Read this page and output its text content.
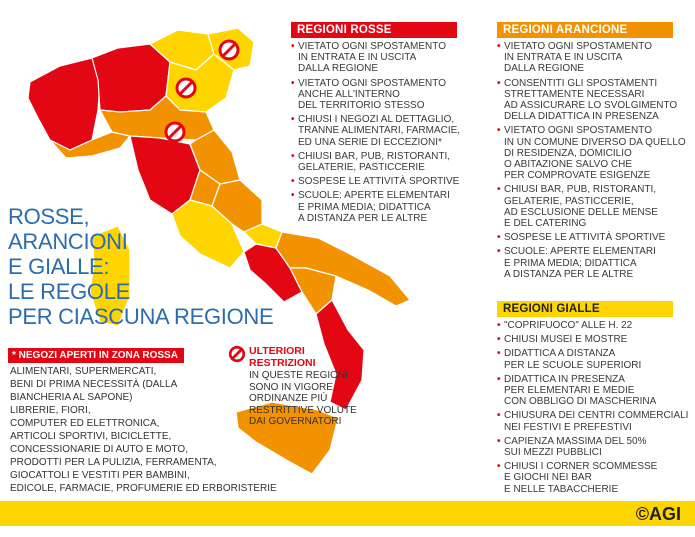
ROSSE,
ARANCIONI
E GIALLE:
LE REGOLE
PER CIASCUNA REGIONE
REGIONI ROSSE
• VIETATO OGNI SPOSTAMENTO
IN ENTRATA E IN USCITA
DALLA REGIONE
• VIETATO OGNI SPOSTAMENTO
ANCHE ALL'INTERNO
DEL TERRITORIO STESSO
• CHIUSI I NEGOZI AL DETTAGLIO,
TRANNE ALIMENTARI, FARMACIE,
ED UNA SERIE DI ECCEZIONI*
• CHIUSI BAR, PUB, RISTORANTI,
GELATERIE, PASTICCERIE
• SOSPESE LE ATTIVITÀ SPORTIVE
• SCUOLE: APERTE ELEMENTARI
E PRIMA MEDIA; DIDATTICA
A DISTANZA PER LE ALTRE
REGIONI ARANCIONE
• VIETATO OGNI SPOSTAMENTO
IN ENTRATA E IN USCITA
DALLA REGIONE
• CONSENTITI GLI SPOSTAMENTI
STRETTAMENTE NECESSARI
AD ASSICURARE LO SVOLGIMENTO
DELLA DIDATTICA IN PRESENZA
• VIETATO OGNI SPOSTAMENTO
IN UN COMUNE DIVERSO DA QUELLO
DI RESIDENZA, DOMICILIO
O ABITAZIONE SALVO CHE
PER COMPROVATE ESIGENZE
• CHIUSI BAR, PUB, RISTORANTI,
GELATERIE, PASTICCERIE,
AD ESCLUSIONE DELLE MENSE
E DEL CATERING
• SOSPESE LE ATTIVITÀ SPORTIVE
• SCUOLE: APERTE ELEMENTARI
E PRIMA MEDIA; DIDATTICA
A DISTANZA PER LE ALTRE
REGIONI GIALLE
• "COPRIFUOCO" ALLE H. 22
• CHIUSI MUSEI E MOSTRE
• DIDATTICA A DISTANZA
PER LE SCUOLE SUPERIORI
• DIDATTICA IN PRESENZA
PER ELEMENTARI E MEDIE
CON OBBLIGO DI MASCHERINA
• CHIUSURA DEI CENTRI COMMERCIALI
NEI FESTIVI E PREFESTIVI
• CAPIENZA MASSIMA DEL 50%
SUI MEZZI PUBBLICI
• CHIUSI I CORNER SCOMMESSE
E GIOCHI NEI BAR
E NELLE TABACCHERIE
* NEGOZI APERTI IN ZONA ROSSA
ALIMENTARI, SUPERMERCATI,
BENI DI PRIMA NECESSITÀ (DALLA
BIANCHERIA AL SAPONE)
LIBRERIE, FIORI,
COMPUTER ED ELETTRONICA,
ARTICOLI SPORTIVI, BICICLETTE,
CONCESSIONARIE DI AUTO E MOTO,
PRODOTTI PER LA PULIZIA, FERRAMENTA,
GIOCATTOLI E VESTITI PER BAMBINI,
EDICOLE, FARMACIE, PROFUMERIE ED ERBORISTERIE
ULTERIORI
RESTRIZIONI
IN QUESTE REGIONI
SONO IN VIGORE
ORDINANZE PIÙ
RESTRITTIVE VOLUTE
DAI GOVERNATORI
©AGI
